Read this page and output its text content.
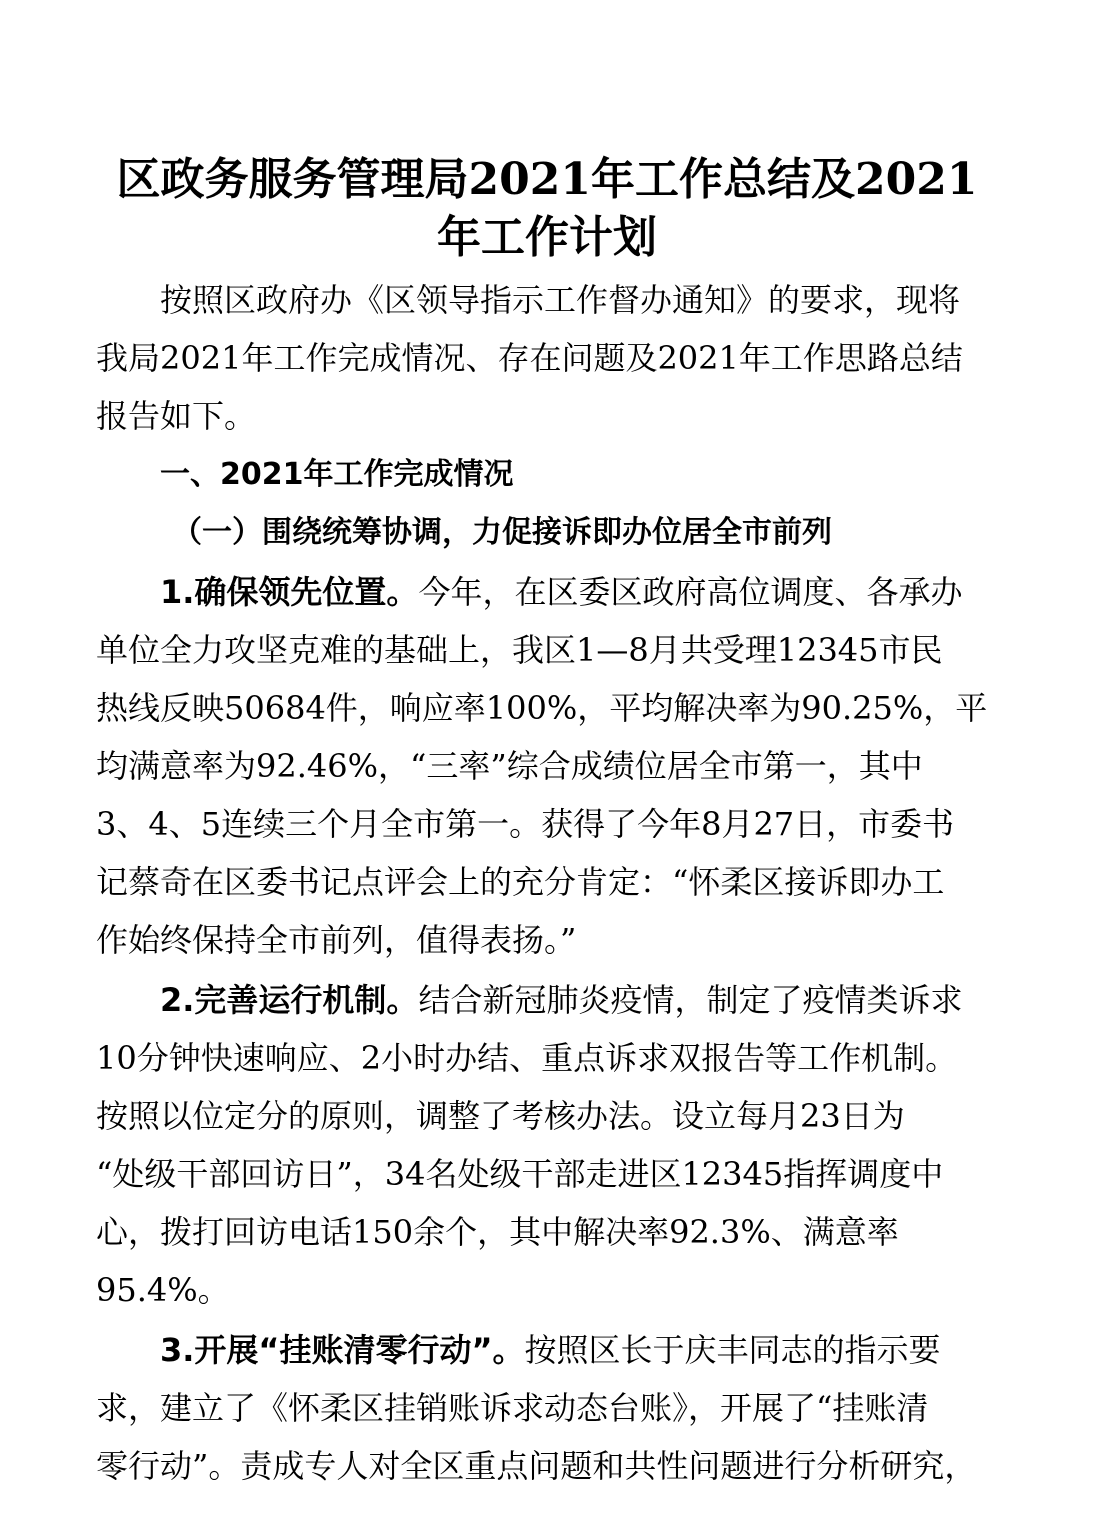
区政务服务管理局2021年工作总结及2021
年工作计划
按照区政府办《区领导指示工作督办通知》的要求，现将
我局2021年工作完成情况、存在问题及2021年工作思路总结
报告如下。
一、2021年工作完成情况
（一）围绕统筹协调，力促接诉即办位居全市前列
1.确保领先位置。今年，在区委区政府高位调度、各承办
单位全力攻坚克难的基础上，我区1—8月共受理12345市民
热线反映50684件，响应率100%，平均解决率为90.25%，平
均满意率为92.46%，“三率”综合成绩位居全市第一，其中
3、4、5连续三个月全市第一。获得了今年8月27日，市委书
记蔡奇在区委书记点评会上的充分肯定：“怀柔区接诉即办工
作始终保持全市前列，值得表扬。”
2.完善运行机制。结合新冠肺炎疫情，制定了疫情类诉求
10分钟快速响应、2小时办结、重点诉求双报告等工作机制。
按照以位定分的原则，调整了考核办法。设立每月23日为
“处级干部回访日”，34名处级干部走进区12345指挥调度中
心，拨打回访电话150余个，其中解决率92.3%、满意率
95.4%。
3.开展“挂账清零行动”。按照区长于庆丰同志的指示要
求，建立了《怀柔区挂销账诉求动态台账》，开展了“挂账清
零行动”。责成专人对全区重点问题和共性问题进行分析研究，
